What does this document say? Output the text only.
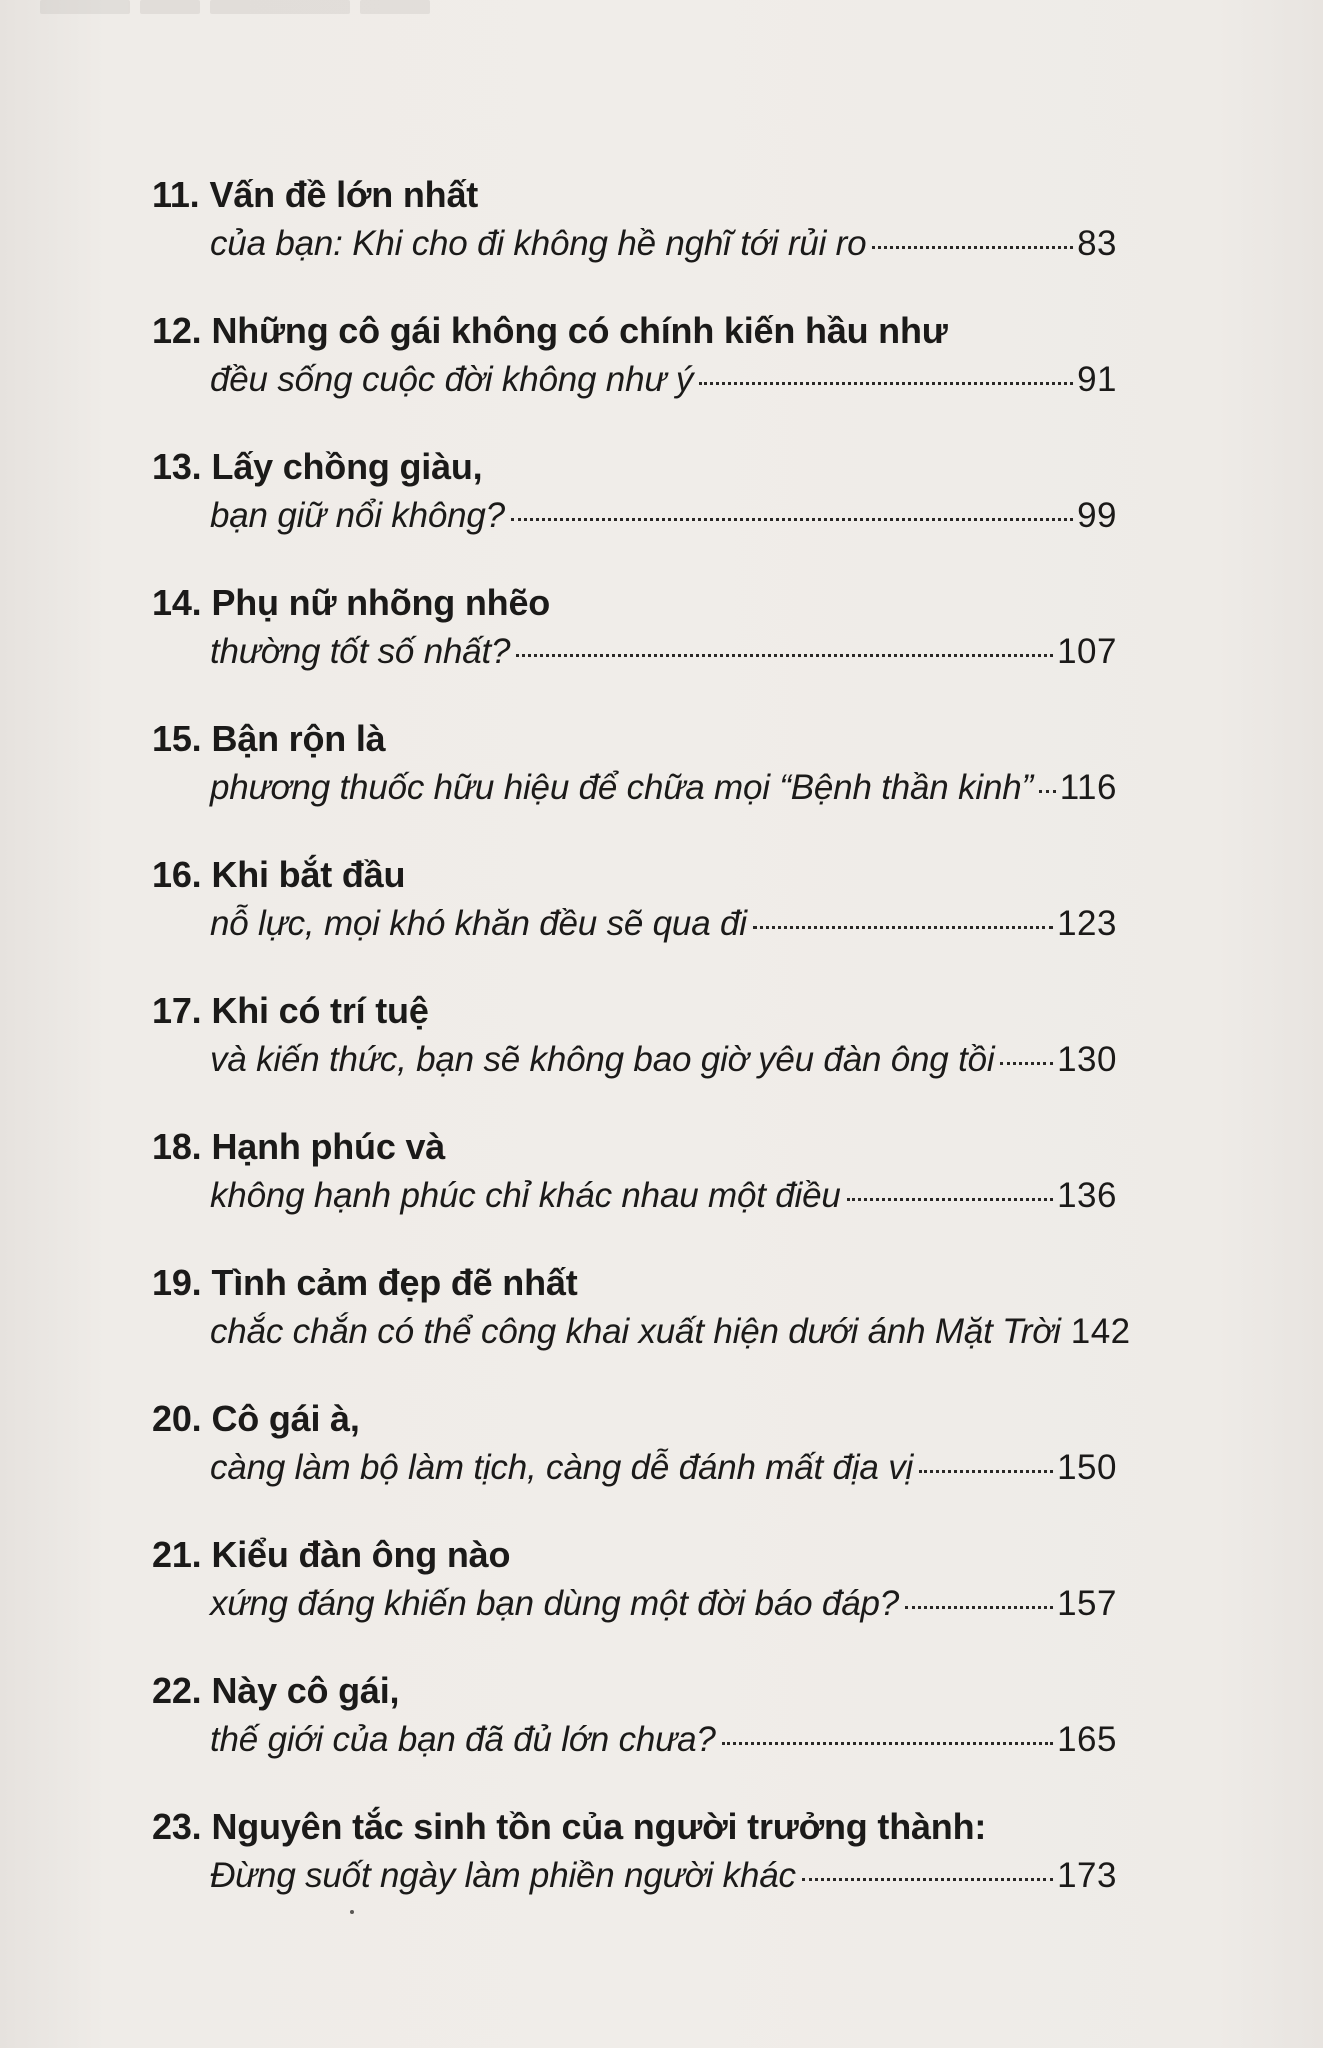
11. Vấn đề lớn nhất
của bạn: Khi cho đi không hề nghĩ tới rủi ro	83
12. Những cô gái không có chính kiến hầu như
đều sống cuộc đời không như ý	91
13. Lấy chồng giàu,
bạn giữ nổi không?	99
14. Phụ nữ nhõng nhẽo
thường tốt số nhất?	107
15. Bận rộn là
phương thuốc hữu hiệu để chữa mọi “Bệnh thần kinh” 116
16. Khi bắt đầu
nỗ lực, mọi khó khăn đều sẽ qua đi	123
17. Khi có trí tuệ
và kiến thức, bạn sẽ không bao giờ yêu đàn ông tồi 130
18. Hạnh phúc và
không hạnh phúc chỉ khác nhau một điều	136
19. Tình cảm đẹp đẽ nhất
chắc chắn có thể công khai xuất hiện dưới ánh Mặt Trời 142
20. Cô gái à,
càng làm bộ làm tịch, càng dễ đánh mất địa vị	150
21. Kiểu đàn ông nào
xứng đáng khiến bạn dùng một đời báo đáp?	157
22. Này cô gái,
thế giới của bạn đã đủ lớn chưa?	165
23. Nguyên tắc sinh tồn của người trưởng thành:
Đừng suốt ngày làm phiền người khác	173
